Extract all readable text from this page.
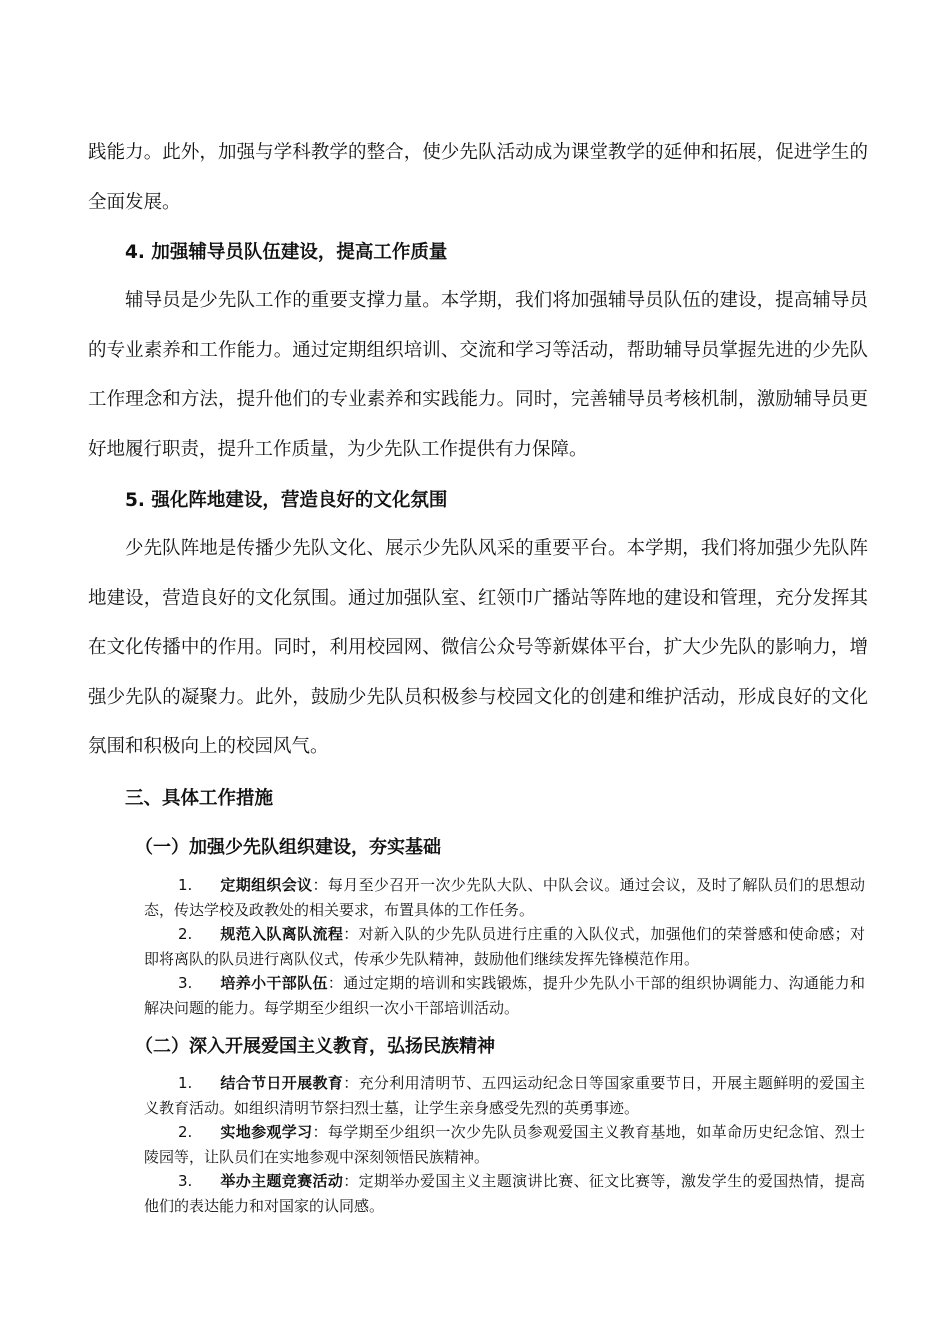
践能力。此外，加强与学科教学的整合，使少先队活动成为课堂教学的延伸和拓展，促进学生的全面发展。

4. 加强辅导员队伍建设，提高工作质量

辅导员是少先队工作的重要支撑力量。本学期，我们将加强辅导员队伍的建设，提高辅导员的专业素养和工作能力。通过定期组织培训、交流和学习等活动，帮助辅导员掌握先进的少先队工作理念和方法，提升他们的专业素养和实践能力。同时，完善辅导员考核机制，激励辅导员更好地履行职责，提升工作质量，为少先队工作提供有力保障。

5. 强化阵地建设，营造良好的文化氛围

少先队阵地是传播少先队文化、展示少先队风采的重要平台。本学期，我们将加强少先队阵地建设，营造良好的文化氛围。通过加强队室、红领巾广播站等阵地的建设和管理，充分发挥其在文化传播中的作用。同时，利用校园网、微信公众号等新媒体平台，扩大少先队的影响力，增强少先队的凝聚力。此外，鼓励少先队员积极参与校园文化的创建和维护活动，形成良好的文化氛围和积极向上的校园风气。

三、具体工作措施

（一）加强少先队组织建设，夯实基础

1. 定期组织会议：每月至少召开一次少先队大队、中队会议。通过会议，及时了解队员们的思想动态，传达学校及政教处的相关要求，布置具体的工作任务。

2. 规范入队离队流程：对新入队的少先队员进行庄重的入队仪式，加强他们的荣誉感和使命感；对即将离队的队员进行离队仪式，传承少先队精神，鼓励他们继续发挥先锋模范作用。

3. 培养小干部队伍：通过定期的培训和实践锻炼，提升少先队小干部的组织协调能力、沟通能力和解决问题的能力。每学期至少组织一次小干部培训活动。

（二）深入开展爱国主义教育，弘扬民族精神

1. 结合节日开展教育：充分利用清明节、五四运动纪念日等国家重要节日，开展主题鲜明的爱国主义教育活动。如组织清明节祭扫烈士墓，让学生亲身感受先烈的英勇事迹。

2. 实地参观学习：每学期至少组织一次少先队员参观爱国主义教育基地，如革命历史纪念馆、烈士陵园等，让队员们在实地参观中深刻领悟民族精神。

3. 举办主题竞赛活动：定期举办爱国主义主题演讲比赛、征文比赛等，激发学生的爱国热情，提高他们的表达能力和对国家的认同感。
